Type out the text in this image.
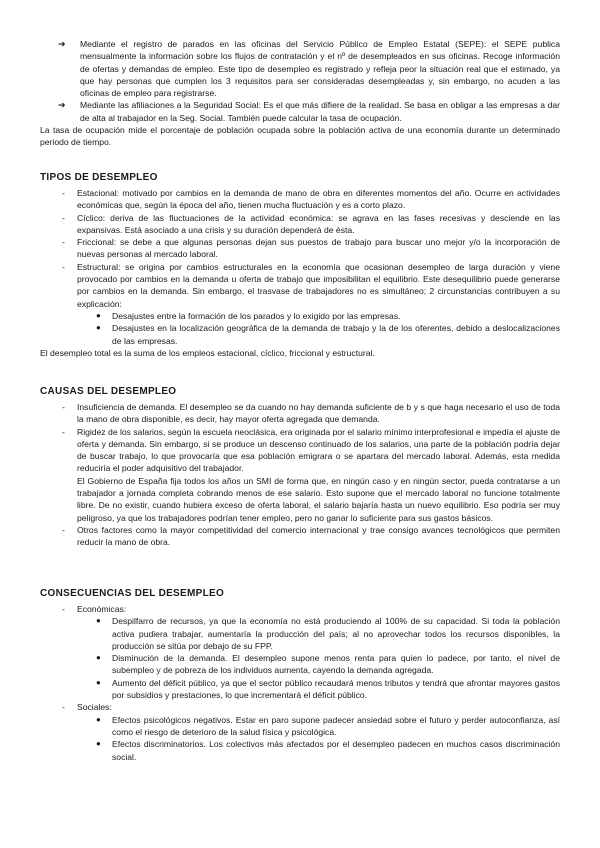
➔ Mediante el registro de parados en las oficinas del Servicio Público de Empleo Estatal (SEPE): el SEPE publica mensualmente la información sobre los flujos de contratación y el nº de desempleados en sus oficinas. Recoge información de ofertas y demandas de empleo. Este tipo de desempleo es registrado y refleja peor la situación real que el estimado, ya que hay personas que cumplen los 3 requisitos para ser consideradas desempleadas y, sin embargo, no acuden a las oficinas de empleo para registrarse.
➔ Mediante las afiliaciones a la Seguridad Social: Es el que más difiere de la realidad. Se basa en obligar a las empresas a dar de alta al trabajador en la Seg. Social. También puede calcular la tasa de ocupación.
La tasa de ocupación mide el porcentaje de población ocupada sobre la población activa de una economía durante un determinado periodo de tiempo.
TIPOS DE DESEMPLEO
- Estacional: motivado por cambios en la demanda de mano de obra en diferentes momentos del año. Ocurre en actividades económicas que, según la época del año, tienen mucha fluctuación y es a corto plazo.
- Cíclico: deriva de las fluctuaciones de la actividad económica: se agrava en las fases recesivas y desciende en las expansivas. Está asociado a una crisis y su duración dependerá de ésta.
- Friccional: se debe a que algunas personas dejan sus puestos de trabajo para buscar uno mejor y/o la incorporación de nuevas personas al mercado laboral.
- Estructural: se origina por cambios estructurales en la economía que ocasionan desempleo de larga duración y viene provocado por cambios en la demanda u oferta de trabajo que imposibilitan el equilibrio. Este desequilibrio puede generarse por cambios en la demanda. Sin embargo, el trasvase de trabajadores no es simultáneo; 2 circunstancias contribuyen a su explicación:
● Desajustes entre la formación de los parados y lo exigido por las empresas.
● Desajustes en la localización geográfica de la demanda de trabajo y la de los oferentes, debido a deslocalizaciones de las empresas.
El desempleo total es la suma de los empleos estacional, cíclico, friccional y estructural.
CAUSAS DEL DESEMPLEO
- Insuficiencia de demanda. El desempleo se da cuando no hay demanda suficiente de b y s que haga necesario el uso de toda la mano de obra disponible, es decir, hay mayor oferta agregada que demanda.
- Rigidez de los salarios, según la escuela neoclásica, era originada por el salario mínimo interprofesional e impedía el ajuste de oferta y demanda. Sin embargo, si se produce un descenso continuado de los salarios, una parte de la población podría dejar de buscar trabajo, lo que provocaría que esa población emigrara o se apartara del mercado laboral. Además, esta medida reduciría el poder adquisitivo del trabajador.
El Gobierno de España fija todos los años un SMI de forma que, en ningún caso y en ningún sector, pueda contratarse a un trabajador a jornada completa cobrando menos de ese salario. Esto supone que el mercado laboral no funcione totalmente libre. De no existir, cuando hubiera exceso de oferta laboral, el salario bajaría hasta un nuevo equilibrio. Eso podría ser muy peligroso, ya que los trabajadores podrían tener empleo, pero no ganar lo suficiente para sus gastos básicos.
- Otros factores como la mayor competitividad del comercio internacional y trae consigo avances tecnológicos que permiten reducir la mano de obra.
CONSECUENCIAS DEL DESEMPLEO
- Económicas:
● Despilfarro de recursos, ya que la economía no está produciendo al 100% de su capacidad. Si toda la población activa pudiera trabajar, aumentaría la producción del país; al no aprovechar todos los recursos disponibles, la producción se sitúa por debajo de su FPP.
● Disminución de la demanda. El desempleo supone menos renta para quien lo padece, por tanto, el nivel de subempleo y de pobreza de los individuos aumenta, cayendo la demanda agregada.
● Aumento del déficit público, ya que el sector público recaudará menos tributos y tendrá que afrontar mayores gastos por subsidios y prestaciones, lo que incrementará el déficit público.
- Sociales:
● Efectos psicológicos negativos. Estar en paro supone padecer ansiedad sobre el futuro y perder autoconfianza, así como el riesgo de deterioro de la salud física y psicológica.
● Efectos discriminatorios. Los colectivos más afectados por el desempleo padecen en muchos casos discriminación social.
